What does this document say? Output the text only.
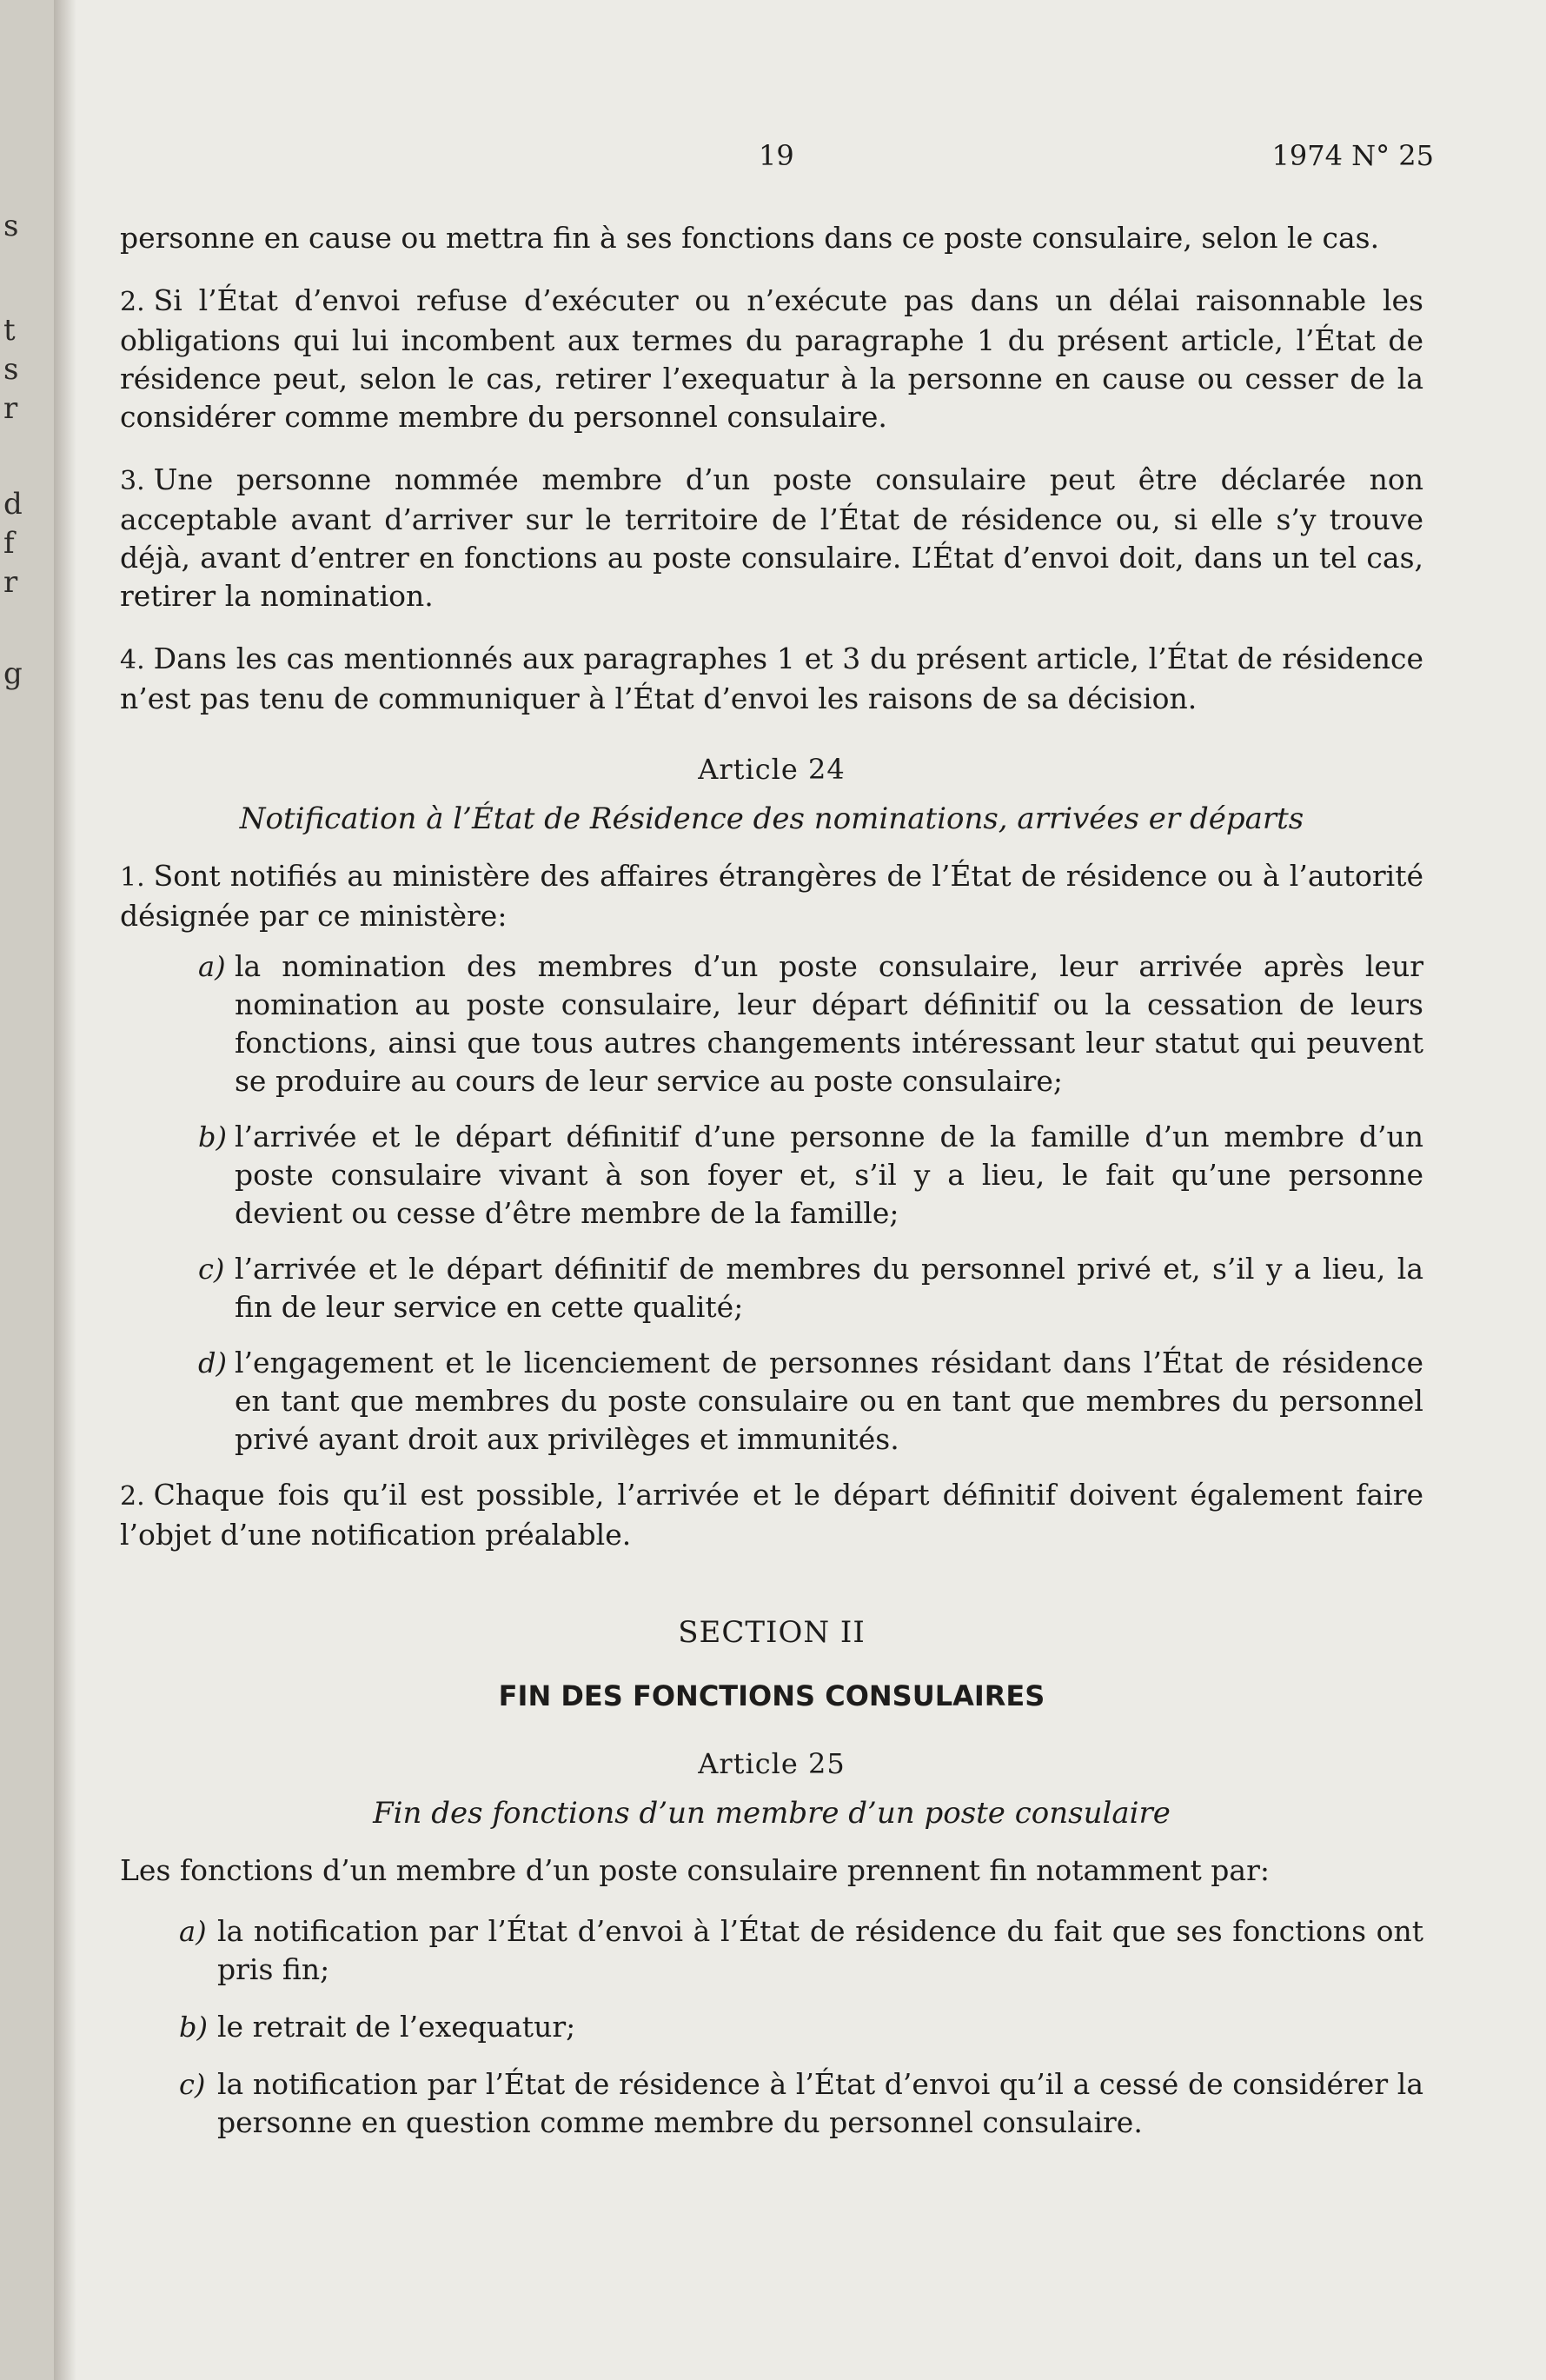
s
t
s
r
d
f
r
g
19	1974 N° 25

personne en cause ou mettra fin à ses fonctions dans ce poste consulaire, selon le cas.

2. Si l’État d’envoi refuse d’exécuter ou n’exécute pas dans un délai raisonnable les obligations qui lui incombent aux termes du paragraphe 1 du présent article, l’État de résidence peut, selon le cas, retirer l’exequatur à la personne en cause ou cesser de la considérer comme membre du personnel consulaire.

3. Une personne nommée membre d’un poste consulaire peut être déclarée non acceptable avant d’arriver sur le territoire de l’État de résidence ou, si elle s’y trouve déjà, avant d’entrer en fonctions au poste consulaire. L’État d’envoi doit, dans un tel cas, retirer la nomination.

4. Dans les cas mentionnés aux paragraphes 1 et 3 du présent article, l’État de résidence n’est pas tenu de communiquer à l’État d’envoi les raisons de sa décision.

Article 24
Notification à l’État de Résidence des nominations, arrivées er départs

1. Sont notifiés au ministère des affaires étrangères de l’État de résidence ou à l’autorité désignée par ce ministère:

a) la nomination des membres d’un poste consulaire, leur arrivée après leur nomination au poste consulaire, leur départ définitif ou la cessation de leurs fonctions, ainsi que tous autres changements intéressant leur statut qui peuvent se produire au cours de leur service au poste consulaire;

b) l’arrivée et le départ définitif d’une personne de la famille d’un membre d’un poste consulaire vivant à son foyer et, s’il y a lieu, le fait qu’une personne devient ou cesse d’être membre de la famille;

c) l’arrivée et le départ définitif de membres du personnel privé et, s’il y a lieu, la fin de leur service en cette qualité;

d) l’engagement et le licenciement de personnes résidant dans l’État de résidence en tant que membres du poste consulaire ou en tant que membres du personnel privé ayant droit aux privilèges et immunités.

2. Chaque fois qu’il est possible, l’arrivée et le départ définitif doivent également faire l’objet d’une notification préalable.

SECTION II
FIN DES FONCTIONS CONSULAIRES
Article 25
Fin des fonctions d’un membre d’un poste consulaire

Les fonctions d’un membre d’un poste consulaire prennent fin notamment par:

a) la notification par l’État d’envoi à l’État de résidence du fait que ses fonctions ont pris fin;

b) le retrait de l’exequatur;

c) la notification par l’État de résidence à l’État d’envoi qu’il a cessé de considérer la personne en question comme membre du personnel consulaire.
